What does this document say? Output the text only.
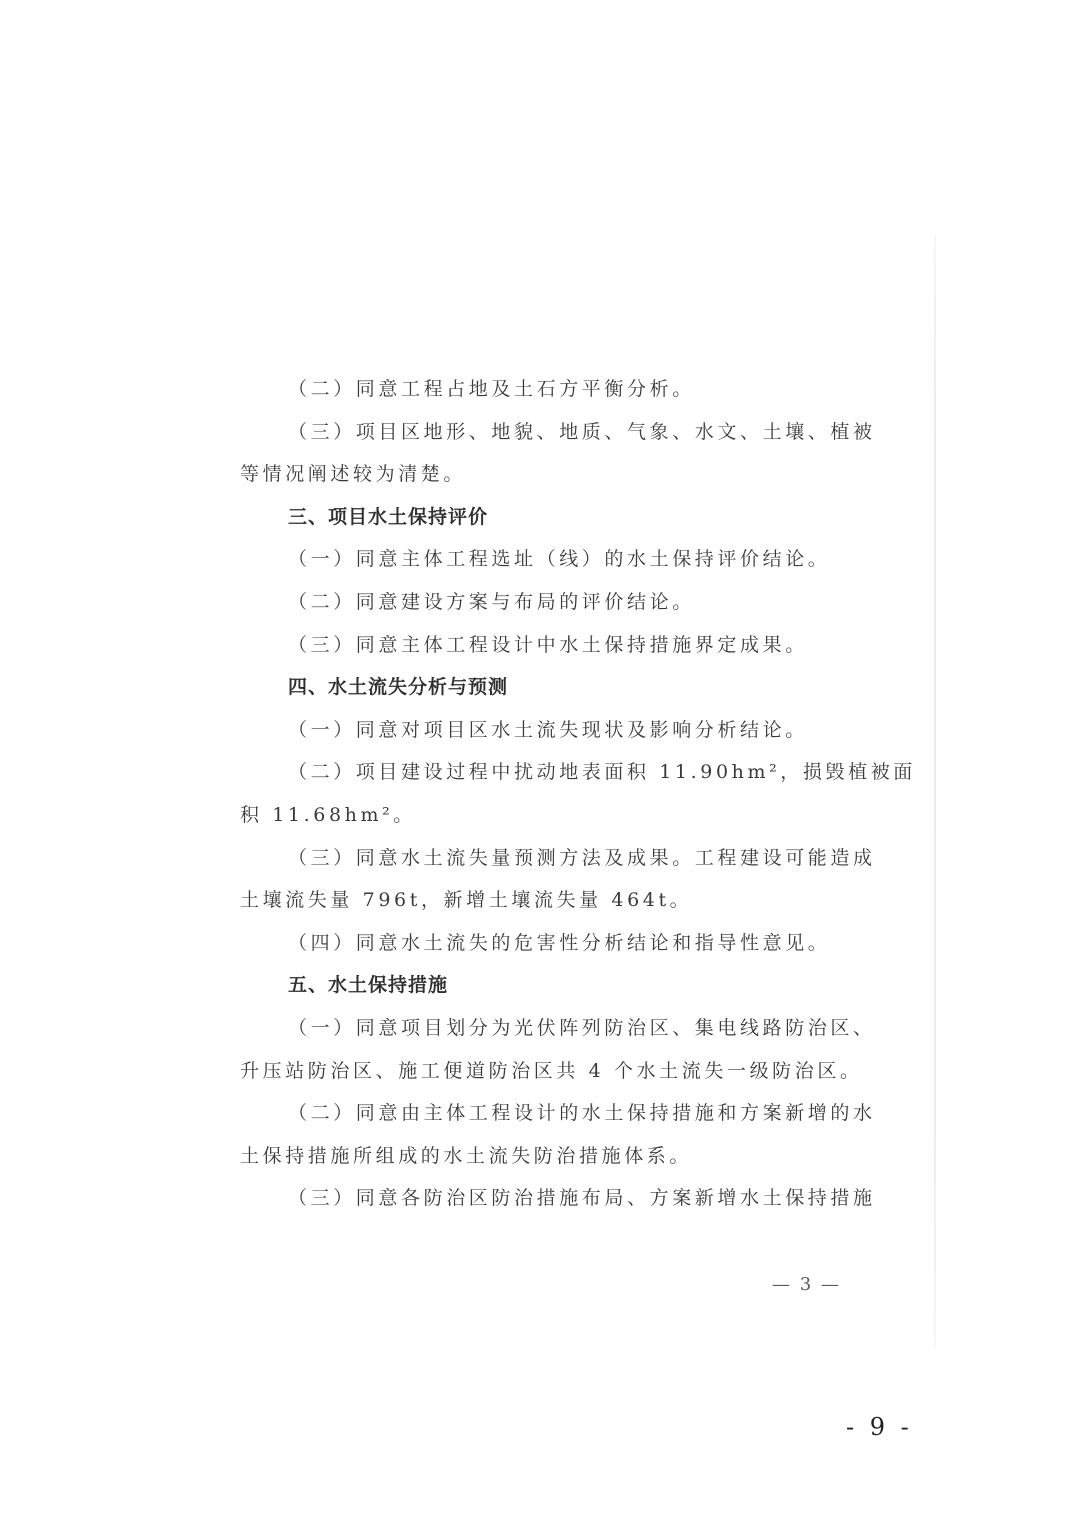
（二）同意工程占地及土石方平衡分析。
（三）项目区地形、地貌、地质、气象、水文、土壤、植被
等情况阐述较为清楚。
三、项目水土保持评价
（一）同意主体工程选址（线）的水土保持评价结论。
（二）同意建设方案与布局的评价结论。
（三）同意主体工程设计中水土保持措施界定成果。
四、水土流失分析与预测
（一）同意对项目区水土流失现状及影响分析结论。
（二）项目建设过程中扰动地表面积 11.90hm²，损毁植被面
积 11.68hm²。
（三）同意水土流失量预测方法及成果。工程建设可能造成
土壤流失量 796t，新增土壤流失量 464t。
（四）同意水土流失的危害性分析结论和指导性意见。
五、水土保持措施
（一）同意项目划分为光伏阵列防治区、集电线路防治区、
升压站防治区、施工便道防治区共 4 个水土流失一级防治区。
（二）同意由主体工程设计的水土保持措施和方案新增的水
土保持措施所组成的水土流失防治措施体系。
（三）同意各防治区防治措施布局、方案新增水土保持措施
— 3 —
- 9 -
